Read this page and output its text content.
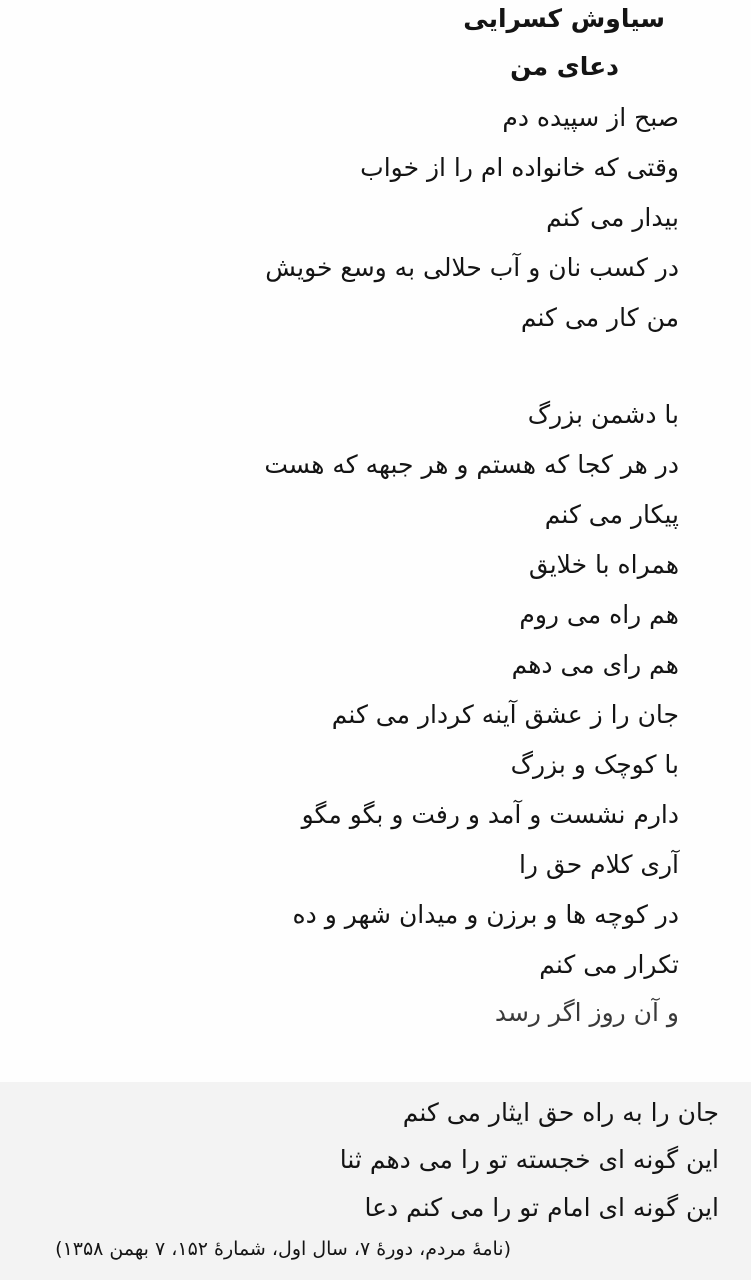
سیاوش کسرایی
دعای من
صبح از سپیده دم
وقتی که خانواده ام را از خواب
بیدار می کنم
در کسب نان و آب حلالی به وسع خویش
من کار می کنم
با دشمن بزرگ
در هر کجا که هستم و هر جبهه که هست
پیکار می کنم
همراه با خلایق
هم راه می روم
هم رای می دهم
جان را ز عشق آینه کردار می کنم
با کوچک و بزرگ
دارم نشست و آمد و رفت و بگو مگو
آری کلام حق را
در کوچه ها و برزن و میدان شهر و ده
تکرار می کنم
و آن روز اگر رسد
جان را به راه حق ایثار می کنم
این گونه ای خجسته تو را می دهم ثنا
این گونه ای امام تو را می کنم دعا
(نامهٔ مردم، دورهٔ ۷، سال اول، شمارهٔ ۱۵۲، ۷ بهمن ۱۳۵۸)
